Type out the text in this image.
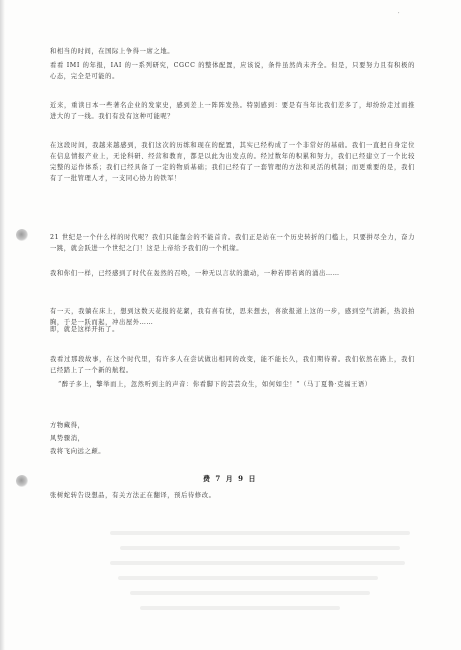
′
和相当的时间，在国际上争得一席之地。
看看 IMI 的年报，IAI 的一系列研究，CGCC 的整体配置，应该说，条件虽然尚未齐全。但是，只要努力且有积极的心态，完全是可能的。
近来，重读日本一些著名企业的发家史，感到差上一阵阵发热。特别感到：要是有当年比我们差多了，却纷纷走过而推进大的了一线。我们有没有这种可能呢？
在这段时间，我越来越感到，我们这次的历练和现在的配置，其实已经构成了一个非常好的基础。我们一直把自身定位在信息情报产业上，无论科研、经营和教育，都是以此为出发点的。经过数年的积累和努力，我们已经建立了一个比较完整的运作体系；我们已经具备了一定的物质基础；我们已经有了一套管理的方法和灵活的机制；而更重要的是，我们有了一批管理人才，一支同心协力的铁军！
21 世纪是一个什么样的时代呢？我们只能靠会的不能首肯。我们正是站在一个历史转折的门槛上，只要拼尽全力，奋力一跳，就会跃进一个世纪之门！这是上帝给予我们的一个机缘。
我和你们一样，已经感到了时代在轰然的召唤，一种无以言状的激动，一种若即若离的涌出……
有一天，我躺在床上，想到这数天花报的花絮，我有喜有忧，思来想去，喜欲报道上这的一步，感到空气清新，热浪拍胸，于是一跃而起，冲出屋外……
即，就是这样开拓了。
我看过那段故事，在这个时代里，有许多人在尝试做出相同的改变，能不能长久，我们期待着。我们依然在路上，我们已经踏上了一个新的航程。
“醉子多上，擎举而上，忽然听到主的声音：你看脚下的芸芸众生，如何如尘！”（马丁夏鲁·克福王语）
方物藏得，
风势骤消，
我将飞向远之颠。
费 7 月 9 日
张树蛇转告设想品，有关方法正在翻译，预后待修改。
